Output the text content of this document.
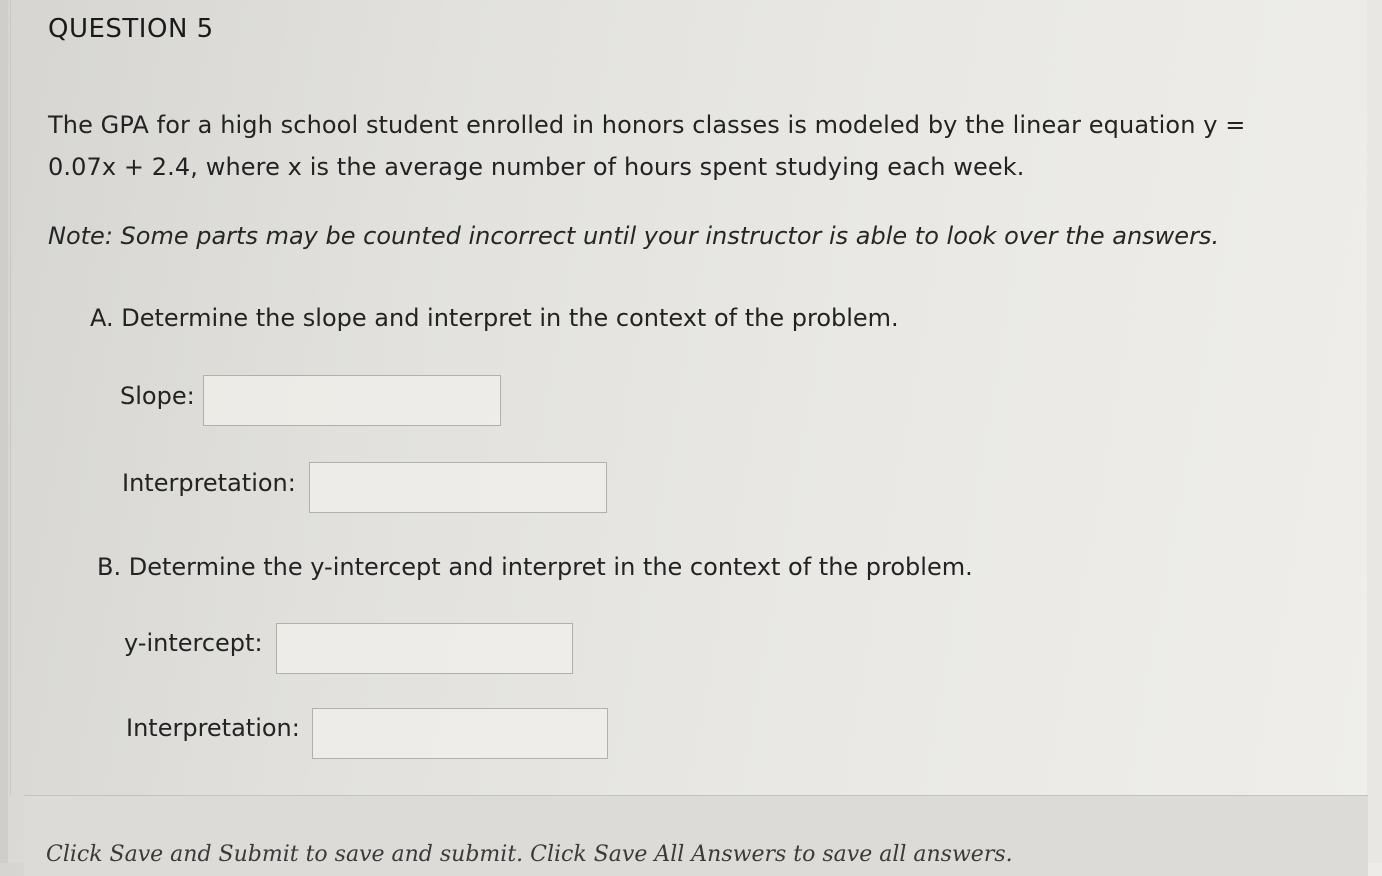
QUESTION 5
The GPA for a high school student enrolled in honors classes is modeled by the linear equation y =
0.07x + 2.4, where x is the average number of hours spent studying each week.
Note: Some parts may be counted incorrect until your instructor is able to look over the answers.
A. Determine the slope and interpret in the context of the problem.
Slope:
Interpretation:
B. Determine the y-intercept and interpret in the context of the problem.
y-intercept:
Interpretation:
Click Save and Submit to save and submit. Click Save All Answers to save all answers.
